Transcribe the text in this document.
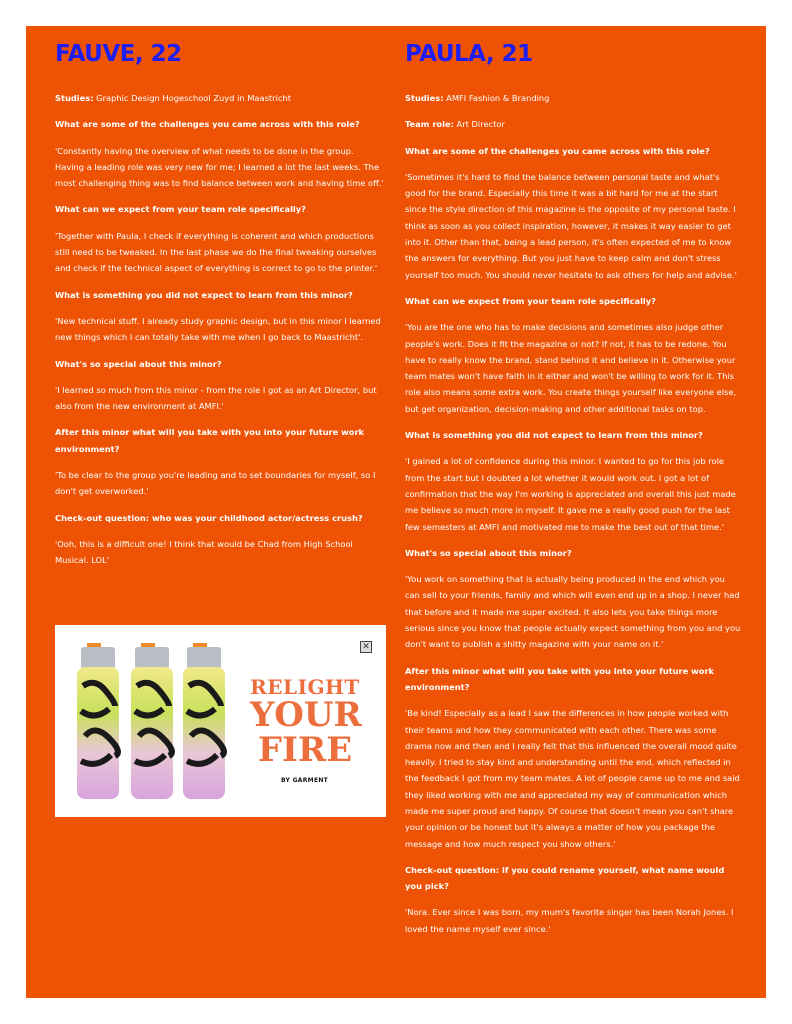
FAUVE, 22

Studies: Graphic Design Hogeschool Zuyd in Maastricht

What are some of the challenges you came across with this role?

'Constantly having the overview of what needs to be done in the group. Having a leading role was very new for me; I learned a lot the last weeks. The most challenging thing was to find balance between work and having time off.'

What can we expect from your team role specifically?

'Together with Paula, I check if everything is coherent and which productions still need to be tweaked. In the last phase we do the final tweaking ourselves and check if the technical aspect of everything is correct to go to the printer.'

What is something you did not expect to learn from this minor?

'New technical stuff. I already study graphic design, but in this minor I learned new things which I can totally take with me when I go back to Maastricht'.

What's so special about this minor?

'I learned so much from this minor - from the role I got as an Art Director, but also from the new environment at AMFI.'

After this minor what will you take with you into your future work environment?

'To be clear to the group you're leading and to set boundaries for myself, so I don't get overworked.'

Check-out question: who was your childhood actor/actress crush?

'Ooh, this is a difficult one! I think that would be Chad from High School Musical. LOL'

✕
RELIGHT
YOUR
FIRE
BY GARMENT
PAULA, 21

Studies: AMFI Fashion & Branding

Team role: Art Director

What are some of the challenges you came across with this role?

'Sometimes it's hard to find the balance between personal taste and what's good for the brand. Especially this time it was a bit hard for me at the start since the style direction of this magazine is the opposite of my personal taste. I think as soon as you collect inspiration, however, it makes it way easier to get into it. Other than that, being a lead person, it's often expected of me to know the answers for everything. But you just have to keep calm and don't stress yourself too much. You should never hesitate to ask others for help and advise.'

What can we expect from your team role specifically?

'You are the one who has to make decisions and sometimes also judge other people's work. Does it fit the magazine or not? If not, it has to be redone. You have to really know the brand, stand behind it and believe in it. Otherwise your team mates won't have faith in it either and won't be willing to work for it. This role also means some extra work. You create things yourself like everyone else, but get organization, decision-making and other additional tasks on top.

What is something you did not expect to learn from this minor?

'I gained a lot of confidence during this minor. I wanted to go for this job role from the start but I doubted a lot whether it would work out. I got a lot of confirmation that the way I'm working is appreciated and overall this just made me believe so much more in myself. It gave me a really good push for the last few semesters at AMFI and motivated me to make the best out of that time.'

What's so special about this minor?

'You work on something that is actually being produced in the end which you can sell to your friends, family and which will even end up in a shop. I never had that before and it made me super excited. It also lets you take things more serious since you know that people actually expect something from you and you don't want to publish a shitty magazine with your name on it.'

After this minor what will you take with you into your future work environment?

'Be kind! Especially as a lead I saw the differences in how people worked with their teams and how they communicated with each other. There was some drama now and then and I really felt that this influenced the overall mood quite heavily. I tried to stay kind and understanding until the end, which reflected in the feedback I got from my team mates. A lot of people came up to me and said they liked working with me and appreciated my way of communication which made me super proud and happy. Of course that doesn't mean you can't share your opinion or be honest but it's always a matter of how you package the message and how much respect you show others.'

Check-out question: if you could rename yourself, what name would you pick?

'Nora. Ever since I was born, my mum's favorite singer has been Norah Jones. I loved the name myself ever since.'
